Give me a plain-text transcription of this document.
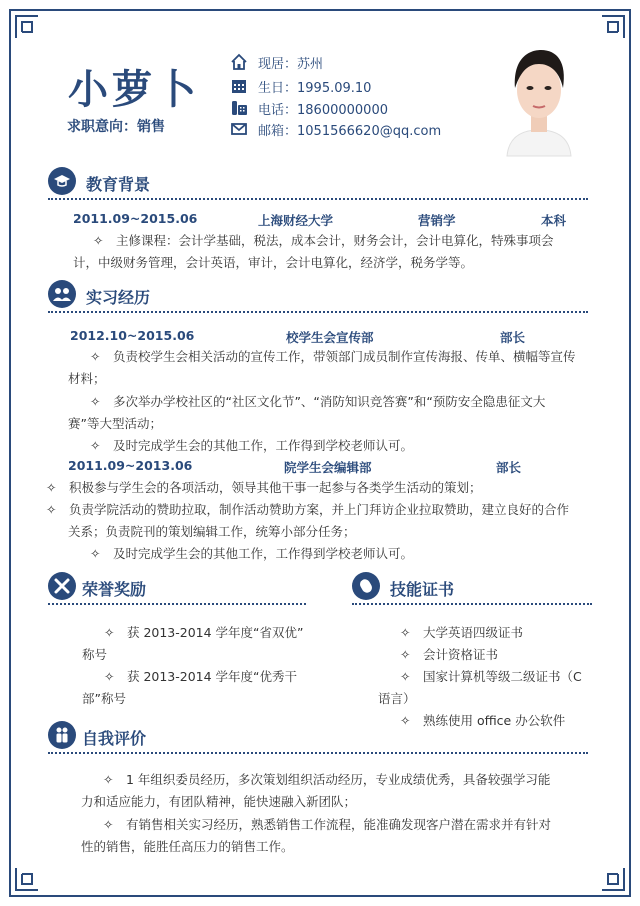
小萝卜
求职意向：销售
现居：苏州
生日：1995.09.10
电话：18600000000
邮箱：1051566620@qq.com
教育背景
2011.09~2015.06	上海财经大学	营销学	本科
✧　主修课程：会计学基础，税法，成本会计，财务会计，会计电算化，特殊事项会
计，中级财务管理，会计英语，审计，会计电算化，经济学，税务学等。
实习经历
2012.10~2015.06	校学生会宣传部	部长
✧　负责校学生会相关活动的宣传工作，带领部门成员制作宣传海报、传单、横幅等宣传
材料；
✧　多次举办学校社区的“社区文化节”、“消防知识竞答赛”和“预防安全隐患征文大
赛”等大型活动；
✧　及时完成学生会的其他工作，工作得到学校老师认可。
2011.09~2013.06	院学生会编辑部	部长
✧　积极参与学生会的各项活动，领导其他干事一起参与各类学生活动的策划；
✧　负责学院活动的赞助拉取，制作活动赞助方案，并上门拜访企业拉取赞助，建立良好的合作
关系；负责院刊的策划编辑工作，统筹小部分任务；
✧　及时完成学生会的其他工作，工作得到学校老师认可。
荣誉奖励
✧　获 2013-2014 学年度“省双优”
称号
✧　获 2013-2014 学年度“优秀干
部”称号
技能证书
✧　大学英语四级证书
✧　会计资格证书
✧　国家计算机等级二级证书（C
语言）
✧　熟练使用 office 办公软件
自我评价
✧　1 年组织委员经历，多次策划组织活动经历，专业成绩优秀，具备较强学习能
力和适应能力，有团队精神，能快速融入新团队；
✧　有销售相关实习经历，熟悉销售工作流程，能准确发现客户潜在需求并有针对
性的销售，能胜任高压力的销售工作。
